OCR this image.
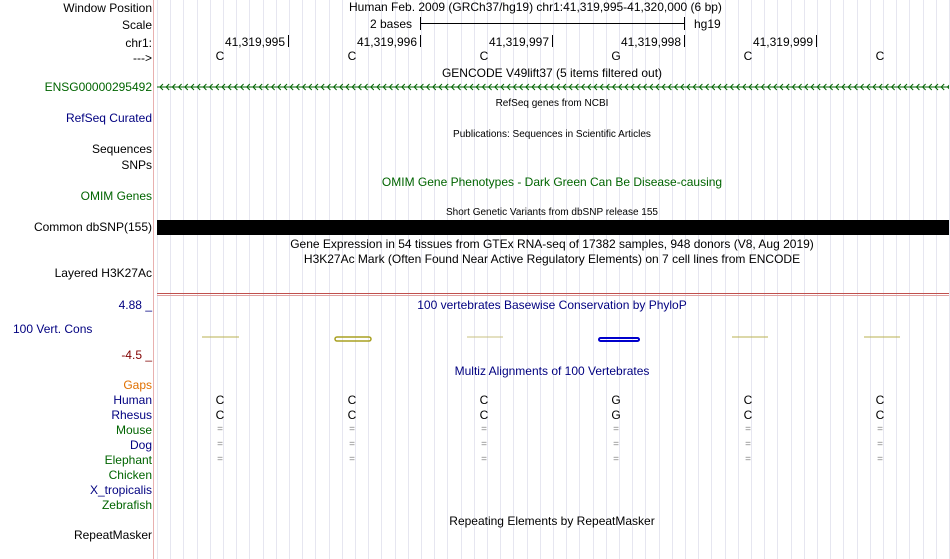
Window Position
Scale
chr1:
--->
Human Feb. 2009 (GRCh37/hg19) chr1:41,319,995-41,320,000 (6 bp)
2 bases	hg19
41,319,995	41,319,996	41,319,997	41,319,998	41,319,999
C	C	C	G	C	C
GENCODE V49lift37 (5 items filtered out)
ENSG00000295492
RefSeq genes from NCBI
RefSeq Curated
Publications: Sequences in Scientific Articles
Sequences
SNPs
OMIM Gene Phenotypes - Dark Green Can Be Disease-causing
OMIM Genes
Short Genetic Variants from dbSNP release 155
Common dbSNP(155)
Gene Expression in 54 tissues from GTEx RNA-seq of 17382 samples, 948 donors (V8, Aug 2019)
H3K27Ac Mark (Often Found Near Active Regulatory Elements) on 7 cell lines from ENCODE
Layered H3K27Ac
4.88 _	100 vertebrates Basewise Conservation by PhyloP
100 Vert. Cons
-4.5 _
Multiz Alignments of 100 Vertebrates
Gaps
Human	C	C	C	G	C	C
Rhesus	C	C	C	G	C	C
Mouse	=	=	=	=	=	=
Dog	=	=	=	=	=	=
Elephant	=	=	=	=	=	=
Chicken
X_tropicalis
Zebrafish
Repeating Elements by RepeatMasker
RepeatMasker
